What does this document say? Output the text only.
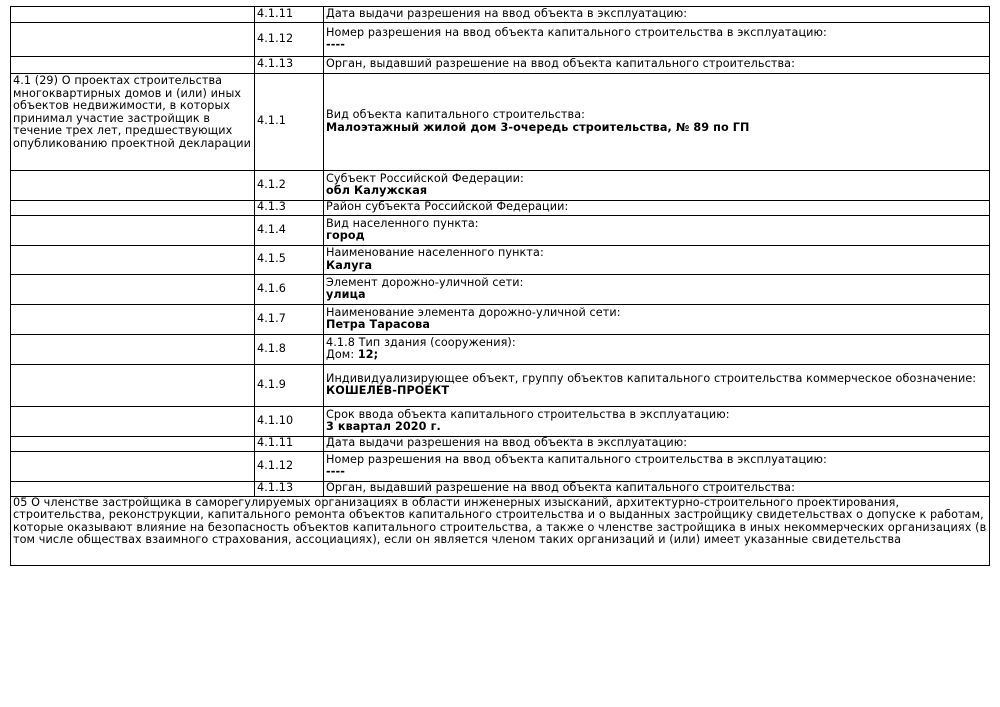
	4.1.11	Дата выдачи разрешения на ввод объекта в эксплуатацию:

	4.1.12	Номер разрешения на ввод объекта капитального строительства в эксплуатацию:
----

	4.1.13	Орган, выдавший разрешение на ввод объекта капитального строительства:

4.1 (29) О проектах строительства многоквартирных домов и (или) иных объектов недвижимости, в которых принимал участие застройщик в течение трех лет, предшествующих опубликованию проектной декларации	4.1.1	Вид объекта капитального строительства:
Малоэтажный жилой дом 3-очередь строительства, № 89 по ГП

	4.1.2	Субъект Российской Федерации:
обл Калужская

	4.1.3	Район субъекта Российской Федерации:

	4.1.4	Вид населенного пункта:
город

	4.1.5	Наименование населенного пункта:
Калуга

	4.1.6	Элемент дорожно-уличной сети:
улица

	4.1.7	Наименование элемента дорожно-уличной сети:
Петра Тарасова

	4.1.8	4.1.8 Тип здания (сооружения):
Дом: 12;

	4.1.9	Индивидуализирующее объект, группу объектов капитального строительства коммерческое обозначение:
КОШЕЛЕВ-ПРОЕКТ

	4.1.10	Срок ввода объекта капитального строительства в эксплуатацию:
3 квартал 2020 г.

	4.1.11	Дата выдачи разрешения на ввод объекта в эксплуатацию:

	4.1.12	Номер разрешения на ввод объекта капитального строительства в эксплуатацию:
----

	4.1.13	Орган, выдавший разрешение на ввод объекта капитального строительства:

05 О членстве застройщика в саморегулируемых организациях в области инженерных изысканий, архитектурно-строительного проектирования, строительства, реконструкции, капитального ремонта объектов капитального строительства и о выданных застройщику свидетельствах о допуске к работам, которые оказывают влияние на безопасность объектов капитального строительства, а также о членстве застройщика в иных некоммерческих организациях (в том числе обществах взаимного страхования, ассоциациях), если он является членом таких организаций и (или) имеет указанные свидетельства		
